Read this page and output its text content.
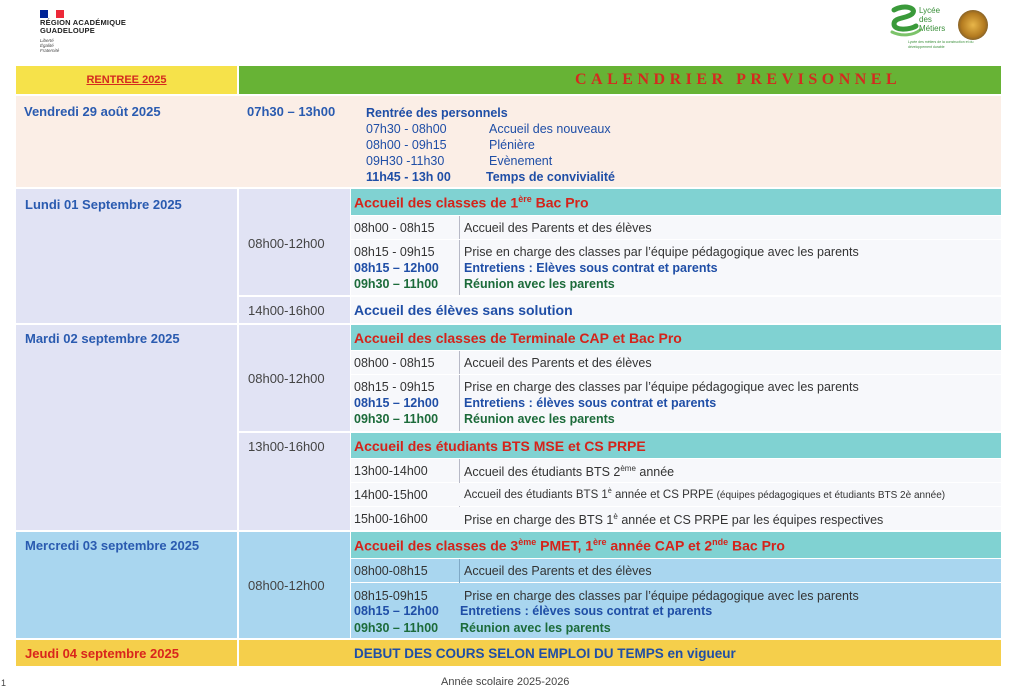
RÉGION ACADÉMIQUE
GUADELOUPE
Liberté
Égalité
Fraternité
Lycée
des
Métiers
Lycée des métiers de la construction et du développement durable
RENTREE 2025	CALENDRIER PREVISONNEL
Vendredi 29 août 2025	07h30 – 13h00 Rentrée des personnels
07h30 - 08h00	Accueil des nouveaux
08h00 - 09h15	Plénière
09H30 -11h30	Evènement
11h45 - 13h 00	Temps de convivialité
Lundi 01 Septembre 2025
08h00-12h00
Accueil des classes de 1ère Bac Pro
08h00 - 08h15 Accueil des Parents et des élèves
08h15 - 09h15 Prise en charge des classes par l’équipe pédagogique avec les parents
08h15 – 12h00 Entretiens : Elèves sous contrat et parents
09h30 – 11h00 Réunion avec les parents
14h00-16h00 Accueil des élèves sans solution
Mardi 02 septembre 2025
08h00-12h00
Accueil des classes de Terminale CAP et Bac Pro
08h00 - 08h15 Accueil des Parents et des élèves
08h15 - 09h15 Prise en charge des classes par l’équipe pédagogique avec les parents
08h15 – 12h00 Entretiens : élèves sous contrat et parents
09h30 – 11h00 Réunion avec les parents
13h00-16h00 Accueil des étudiants BTS MSE et CS PRPE
13h00-14h00	Accueil des étudiants BTS 2ème année
14h00-15h00	Accueil des étudiants BTS $1^è$ année et CS PRPE (équipes pédagogiques et étudiants BTS 2è année)
15h00-16h00	Prise en charge des BTS $1^è$ année et CS PRPE par les équipes respectives
Mercredi 03 septembre 2025
08h00-12h00
Accueil des classes de 3ème PMET, 1ère année CAP et 2nde Bac Pro
08h00-08h15	Accueil des Parents et des élèves
08h15-09h15	Prise en charge des classes par l’équipe pédagogique avec les parents
08h15 – 12h00 Entretiens : élèves sous contrat et parents
09h30 – 11h00 Réunion avec les parents
Jeudi 04 septembre 2025	DEBUT DES COURS SELON EMPLOI DU TEMPS en vigueur
1	Année scolaire 2025-2026
